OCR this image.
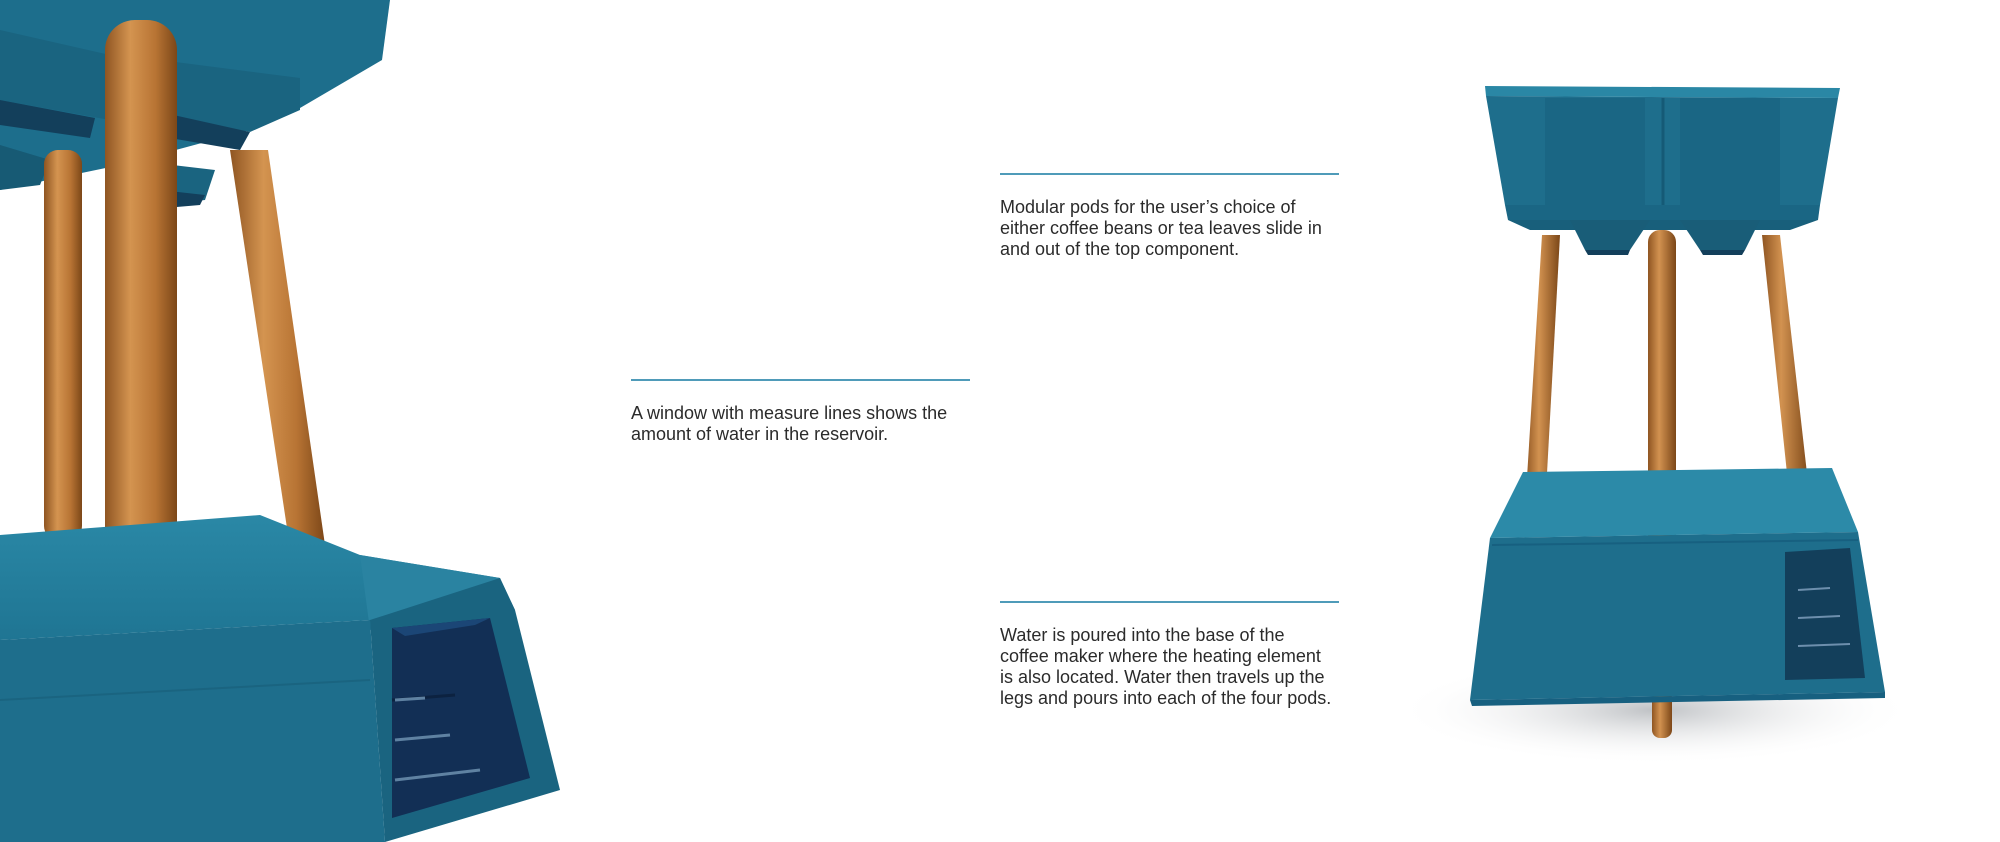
Modular pods for the user’s choice of
either coffee beans or tea leaves slide in
and out of the top component.

A window with measure lines shows the
amount of water in the reservoir.

Water is poured into the base of the
coffee maker where the heating element
is also located. Water then travels up the
legs and pours into each of the four pods.
